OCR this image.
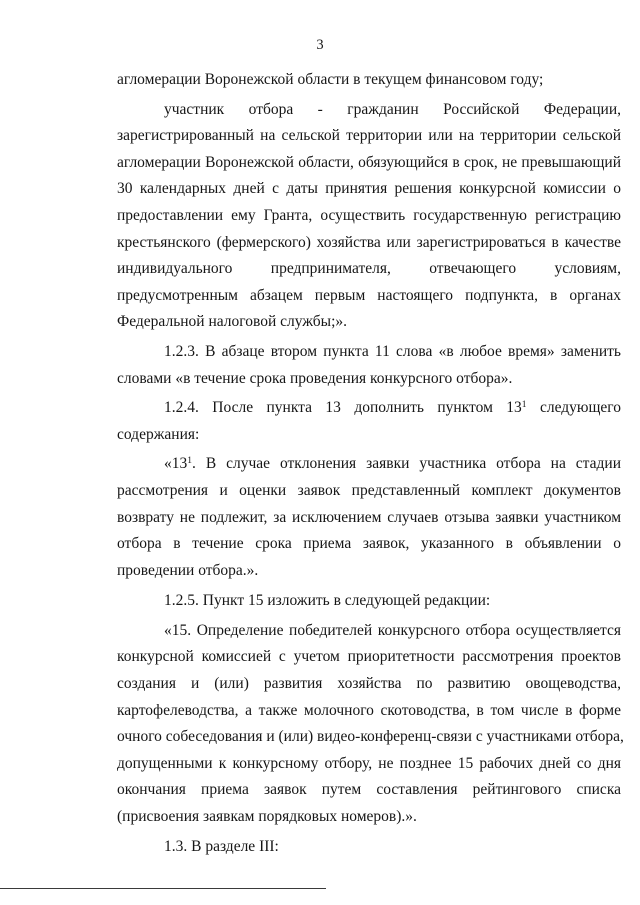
3
агломерации Воронежской области в текущем финансовом году;
участник отбора - гражданин Российской Федерации,
зарегистрированный на сельской территории или на территории сельской
агломерации Воронежской области, обязующийся в срок, не превышающий
30 календарных дней с даты принятия решения конкурсной комиссии о
предоставлении ему Гранта, осуществить государственную регистрацию
крестьянского (фермерского) хозяйства или зарегистрироваться в качестве
индивидуального предпринимателя, отвечающего условиям,
предусмотренным абзацем первым настоящего подпункта, в органах
Федеральной налоговой службы;».
1.2.3. В абзаце втором пункта 11 слова «в любое время» заменить
словами «в течение срока проведения конкурсного отбора».
1.2.4. После пункта 13 дополнить пунктом $13^1$ следующего
содержания:
«$13^1$. В случае отклонения заявки участника отбора на стадии
рассмотрения и оценки заявок представленный комплект документов
возврату не подлежит, за исключением случаев отзыва заявки участником
отбора в течение срока приема заявок, указанного в объявлении о
проведении отбора.».
1.2.5. Пункт 15 изложить в следующей редакции:
«15. Определение победителей конкурсного отбора осуществляется
конкурсной комиссией с учетом приоритетности рассмотрения проектов
создания и (или) развития хозяйства по развитию овощеводства,
картофелеводства, а также молочного скотоводства, в том числе в форме
очного собеседования и (или) видео-конференц-связи с участниками отбора,
допущенными к конкурсному отбору, не позднее 15 рабочих дней со дня
окончания приема заявок путем составления рейтингового списка
(присвоения заявкам порядковых номеров).».
1.3. В разделе III:
